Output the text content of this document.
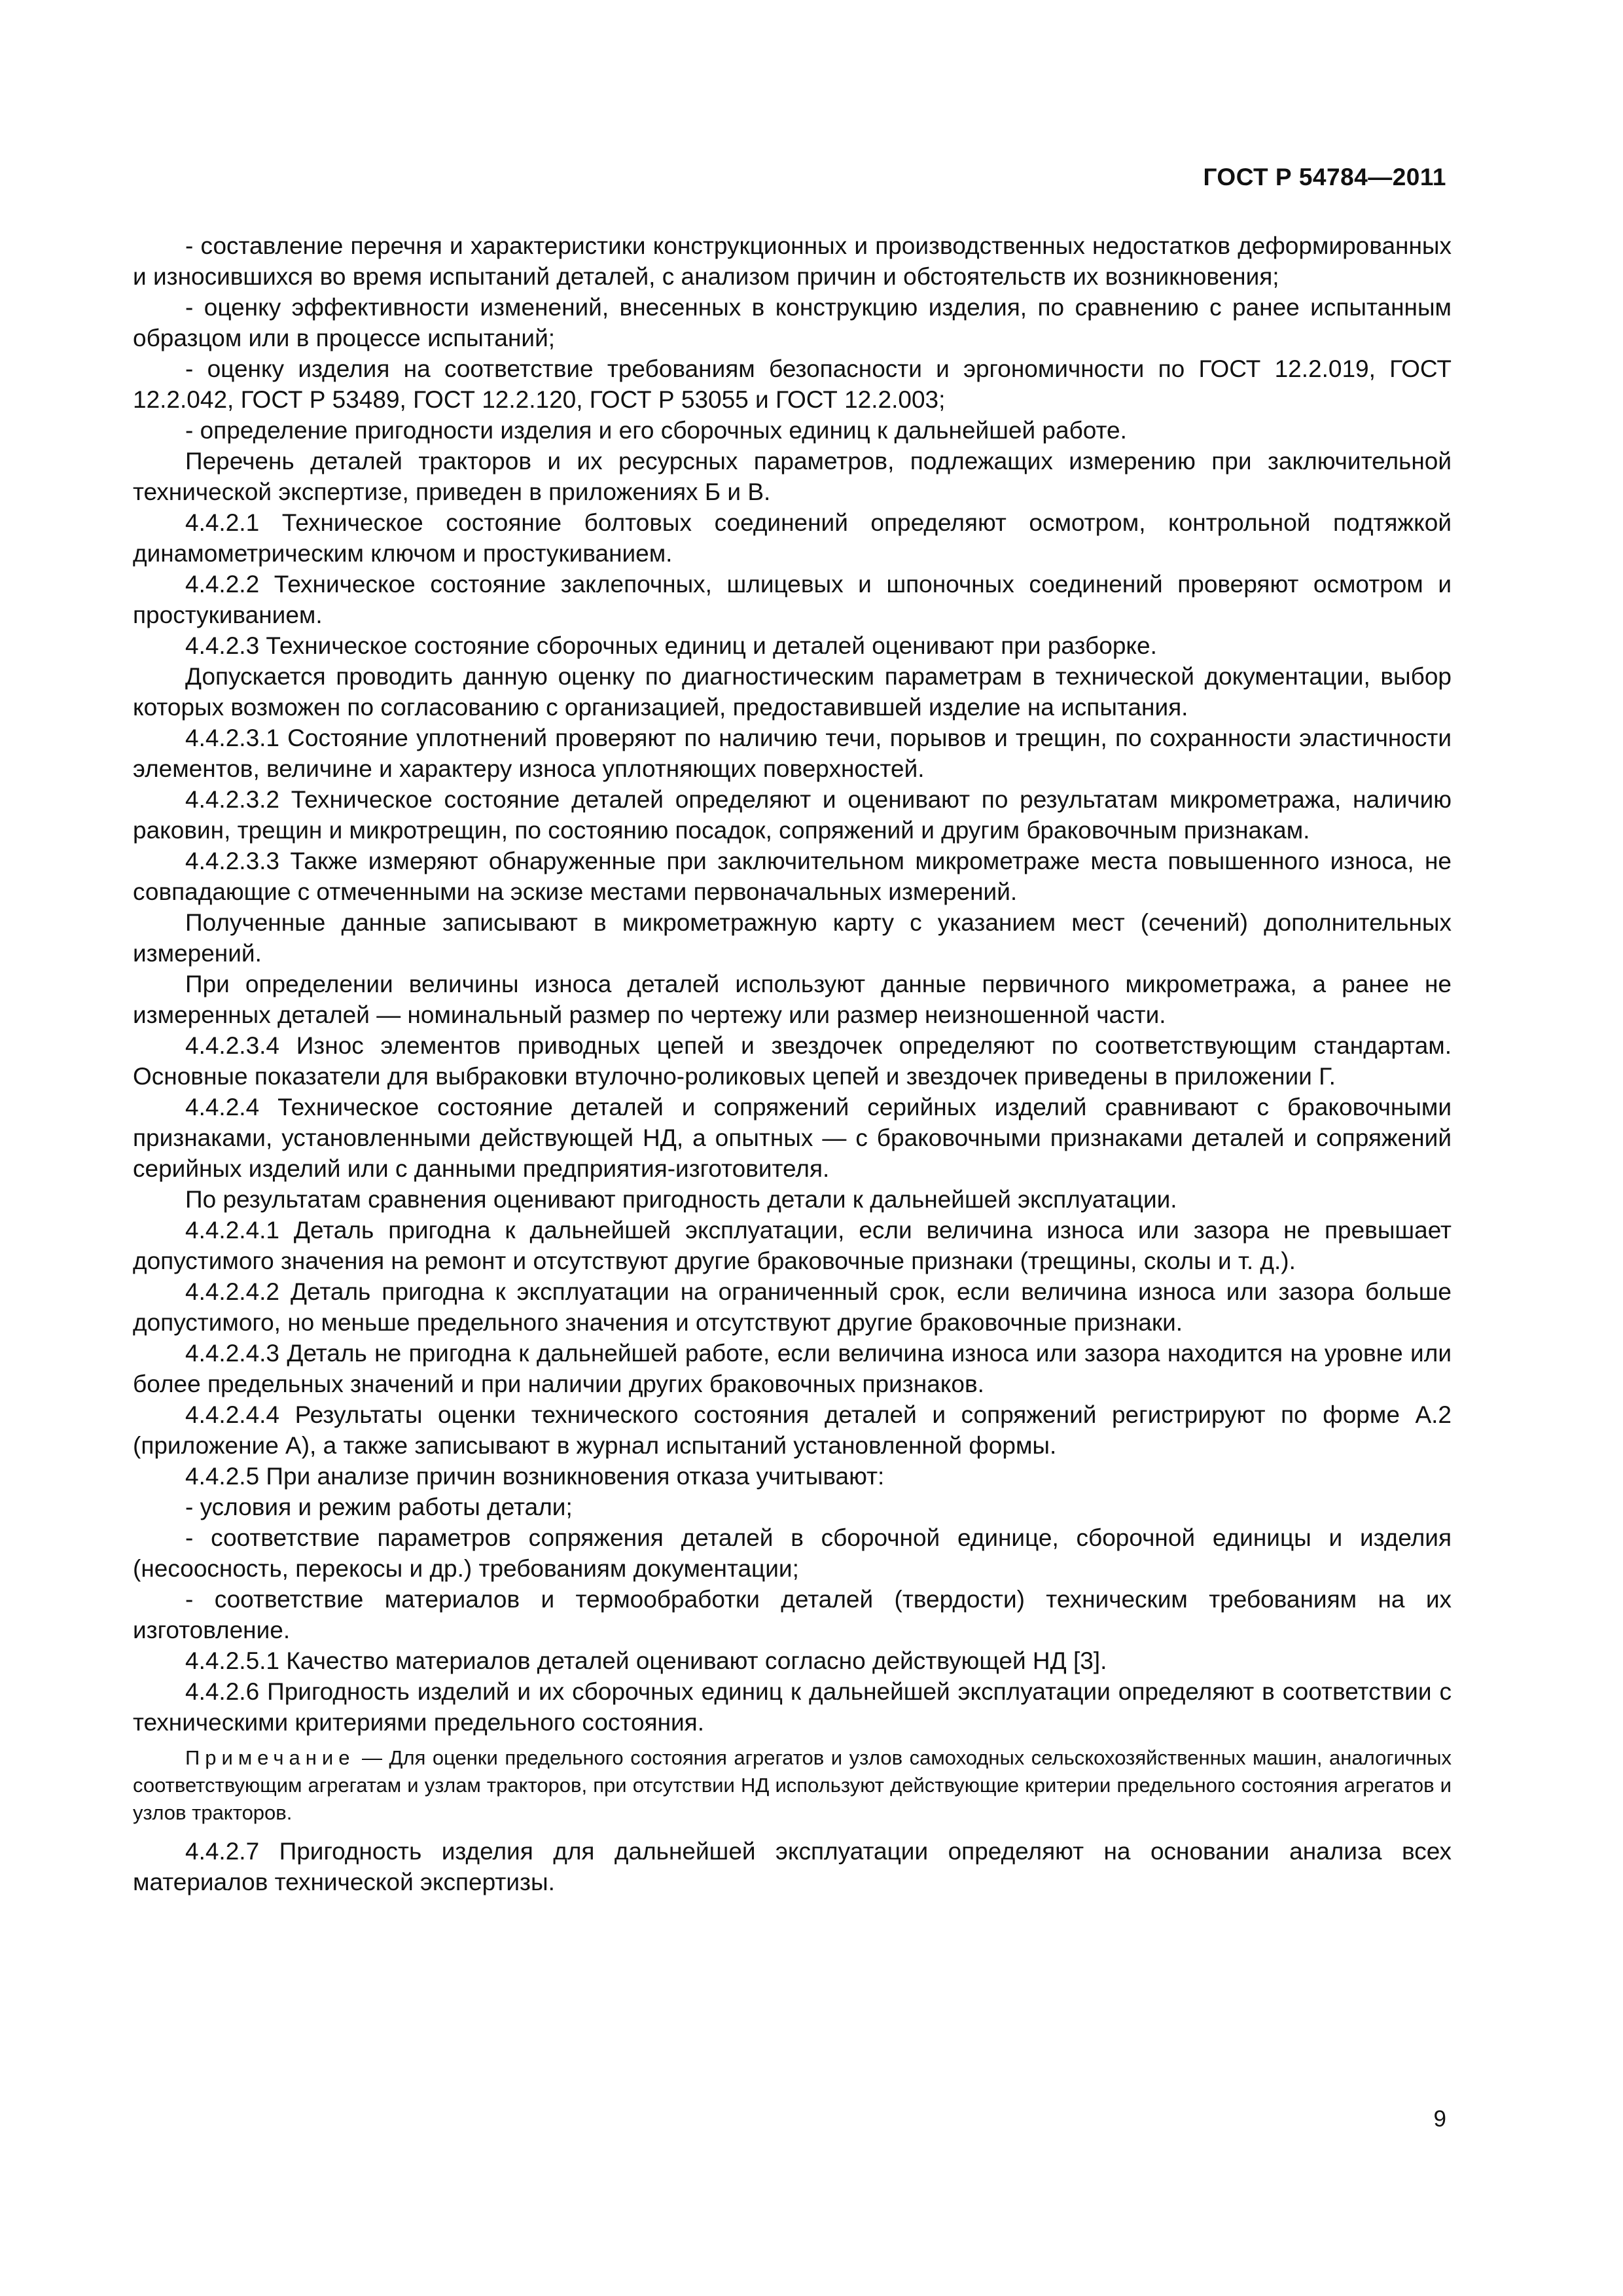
ГОСТ Р 54784—2011

- составление перечня и характеристики конструкционных и производственных недостатков деформированных и износившихся во время испытаний деталей, с анализом причин и обстоятельств их возникновения;

- оценку эффективности изменений, внесенных в конструкцию изделия, по сравнению с ранее испытанным образцом или в процессе испытаний;

- оценку изделия на соответствие требованиям безопасности и эргономичности по ГОСТ 12.2.019, ГОСТ 12.2.042, ГОСТ Р 53489, ГОСТ 12.2.120, ГОСТ Р 53055 и ГОСТ 12.2.003;

- определение пригодности изделия и его сборочных единиц к дальнейшей работе.

Перечень деталей тракторов и их ресурсных параметров, подлежащих измерению при заключительной технической экспертизе, приведен в приложениях Б и В.

4.4.2.1 Техническое состояние болтовых соединений определяют осмотром, контрольной подтяжкой динамометрическим ключом и простукиванием.

4.4.2.2 Техническое состояние заклепочных, шлицевых и шпоночных соединений проверяют осмотром и простукиванием.

4.4.2.3 Техническое состояние сборочных единиц и деталей оценивают при разборке.

Допускается проводить данную оценку по диагностическим параметрам в технической документации, выбор которых возможен по согласованию с организацией, предоставившей изделие на испытания.

4.4.2.3.1 Состояние уплотнений проверяют по наличию течи, порывов и трещин, по сохранности эластичности элементов, величине и характеру износа уплотняющих поверхностей.

4.4.2.3.2 Техническое состояние деталей определяют и оценивают по результатам микрометража, наличию раковин, трещин и микротрещин, по состоянию посадок, сопряжений и другим браковочным признакам.

4.4.2.3.3 Также измеряют обнаруженные при заключительном микрометраже места повышенного износа, не совпадающие с отмеченными на эскизе местами первоначальных измерений.

Полученные данные записывают в микрометражную карту с указанием мест (сечений) дополнительных измерений.

При определении величины износа деталей используют данные первичного микрометража, а ранее не измеренных деталей — номинальный размер по чертежу или размер неизношенной части.

4.4.2.3.4 Износ элементов приводных цепей и звездочек определяют по соответствующим стандартам. Основные показатели для выбраковки втулочно-роликовых цепей и звездочек приведены в приложении Г.

4.4.2.4 Техническое состояние деталей и сопряжений серийных изделий сравнивают с браковочными признаками, установленными действующей НД, а опытных — с браковочными признаками деталей и сопряжений серийных изделий или с данными предприятия-изготовителя.

По результатам сравнения оценивают пригодность детали к дальнейшей эксплуатации.

4.4.2.4.1 Деталь пригодна к дальнейшей эксплуатации, если величина износа или зазора не превышает допустимого значения на ремонт и отсутствуют другие браковочные признаки (трещины, сколы и т. д.).

4.4.2.4.2 Деталь пригодна к эксплуатации на ограниченный срок, если величина износа или зазора больше допустимого, но меньше предельного значения и отсутствуют другие браковочные признаки.

4.4.2.4.3 Деталь не пригодна к дальнейшей работе, если величина износа или зазора находится на уровне или более предельных значений и при наличии других браковочных признаков.

4.4.2.4.4 Результаты оценки технического состояния деталей и сопряжений регистрируют по форме А.2 (приложение А), а также записывают в журнал испытаний установленной формы.

4.4.2.5 При анализе причин возникновения отказа учитывают:

- условия и режим работы детали;

- соответствие параметров сопряжения деталей в сборочной единице, сборочной единицы и изделия (несоосность, перекосы и др.) требованиям документации;

- соответствие материалов и термообработки деталей (твердости) техническим требованиям на их изготовление.

4.4.2.5.1 Качество материалов деталей оценивают согласно действующей НД [3].

4.4.2.6 Пригодность изделий и их сборочных единиц к дальнейшей эксплуатации определяют в соответствии с техническими критериями предельного состояния.

Примечание — Для оценки предельного состояния агрегатов и узлов самоходных сельскохозяйственных машин, аналогичных соответствующим агрегатам и узлам тракторов, при отсутствии НД используют действующие критерии предельного состояния агрегатов и узлов тракторов.

4.4.2.7 Пригодность изделия для дальнейшей эксплуатации определяют на основании анализа всех материалов технической экспертизы.

9
